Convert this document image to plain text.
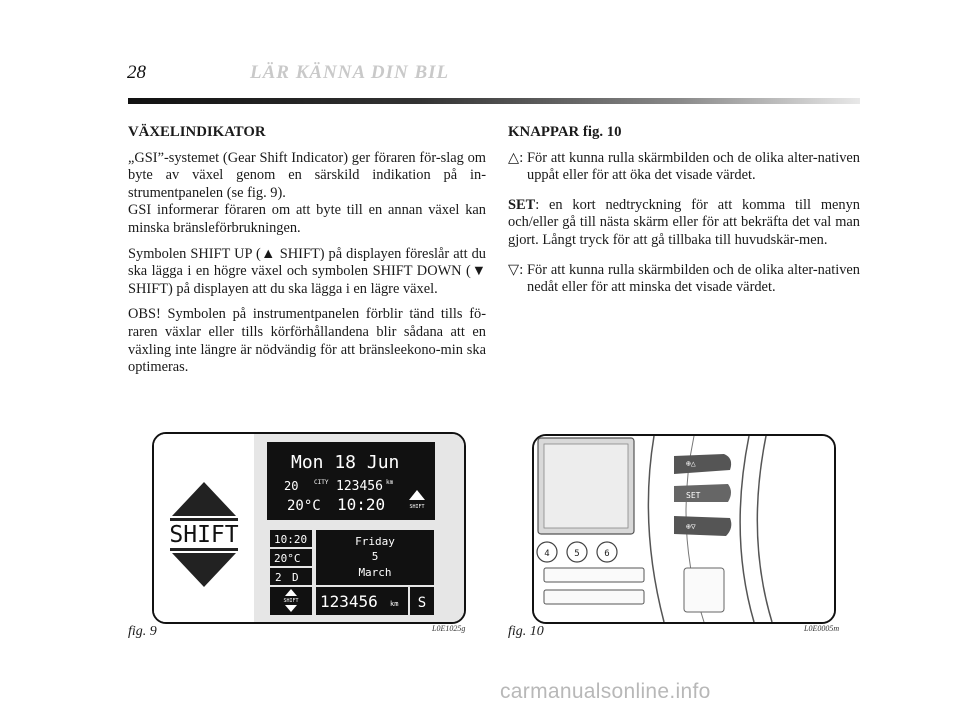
28	LÄR KÄNNA DIN BIL

VÄXELINDIKATOR

„GSI”-systemet (Gear Shift Indicator) ger föraren för-slag om byte av växel genom en särskild indikation på in-strumentpanelen (se fig. 9).

GSI informerar föraren om att byte till en annan växel kan minska bränsleförbrukningen.

Symbolen SHIFT UP (▲ SHIFT) på displayen föreslår att du ska lägga i en högre växel och symbolen SHIFT DOWN (▼ SHIFT) på displayen att du ska lägga i en lägre växel.

OBS! Symbolen på instrumentpanelen förblir tänd tills fö-raren växlar eller tills körförhållandena blir sådana att en växling inte längre är nödvändig för att bränsleekono-min ska optimeras.

KNAPPAR fig. 10

△: För att kunna rulla skärmbilden och de olika alter-nativen uppåt eller för att öka det visade värdet.

SET: en kort nedtryckning för att komma till menyn och/eller gå till nästa skärm eller för att bekräfta det val man gjort. Långt tryck för att gå tillbaka till huvudskär-men.

▽: För att kunna rulla skärmbilden och de olika alter-nativen nedåt eller för att minska det visade värdet.

SHIFT
Mon 18 Jun
20	CITY 123456 km
20°C 10:20	SHIFT
10:20
20°C
2 D
SHIFT
Friday
5
March
123456 km S
fig. 9	L0E1025g
⊕△
SET
⊕▽
4	5	6
fig. 10	L0E0005m
carmanualsonline.info
